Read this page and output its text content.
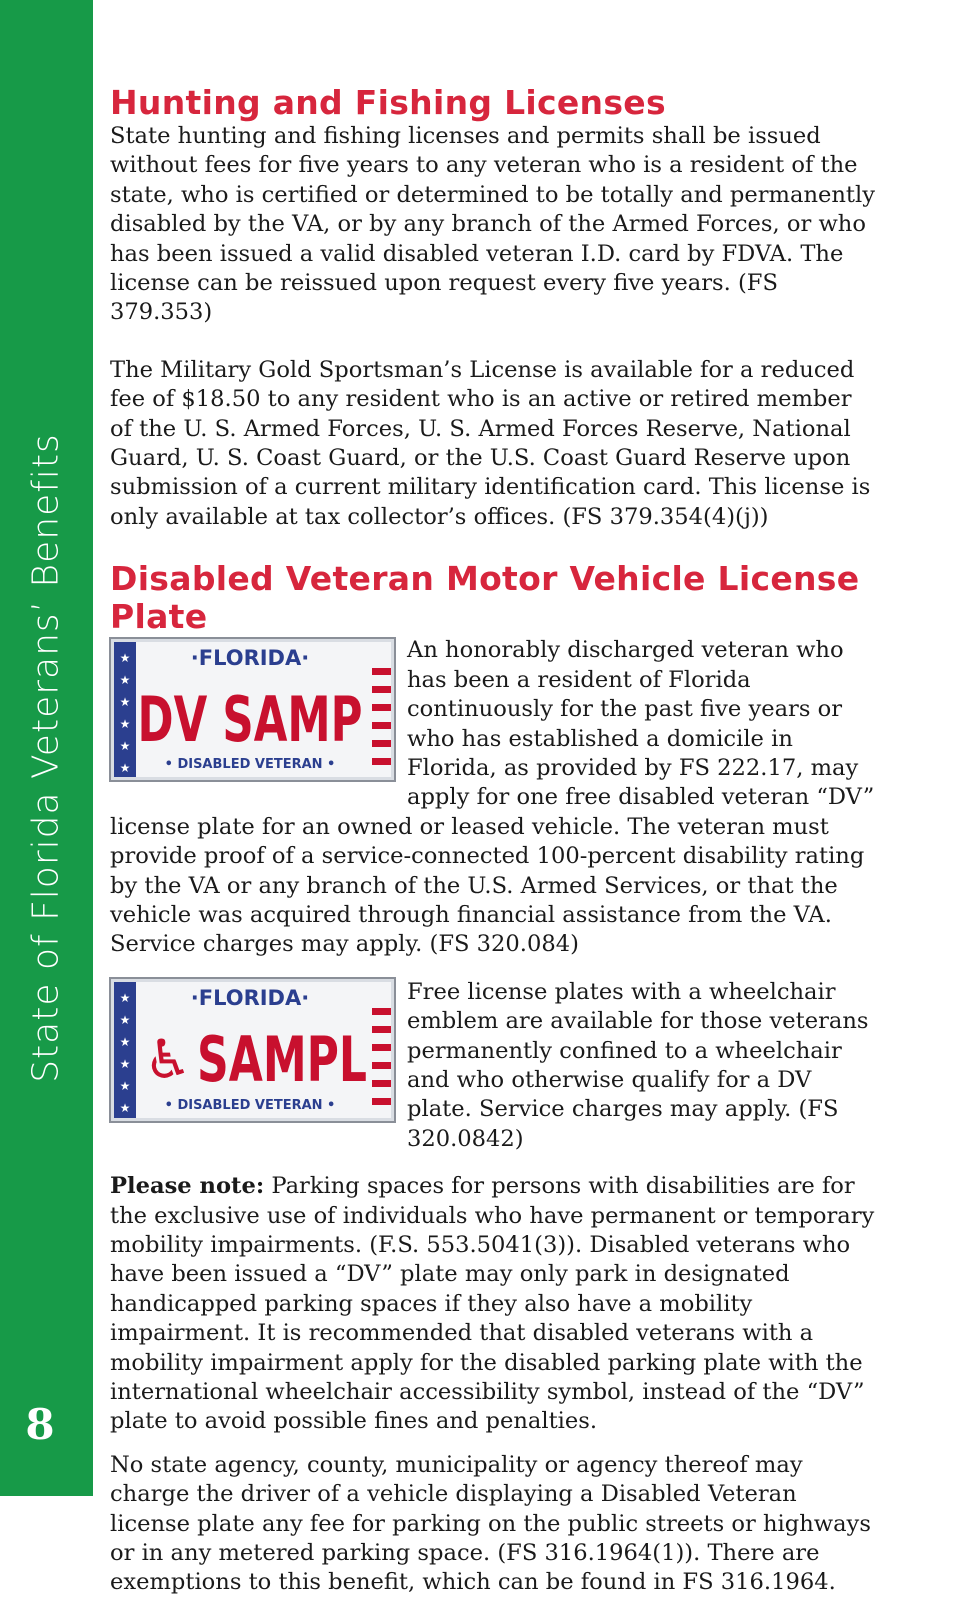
State of Florida Veterans’ Benefits
8
Hunting and Fishing Licenses

State hunting and fishing licenses and permits shall be issued without fees for five years to any veteran who is a resident of the state, who is certified or determined to be totally and permanently disabled by the VA, or by any branch of the Armed Forces, or who has been issued a valid disabled veteran I.D. card by FDVA. The license can be reissued upon request every five years. (FS 379.353)

The Military Gold Sportsman’s License is available for a reduced fee of $18.50 to any resident who is an active or retired member of the U. S. Armed Forces, U. S. Armed Forces Reserve, National Guard, U. S. Coast Guard, or the U.S. Coast Guard Reserve upon submission of a current military identification card. This license is only available at tax collector’s offices. (FS 379.354(4)(j))

Disabled Veteran Motor Vehicle License Plate
★
★
★
★
★
★
·FLORIDA·
DV SAMP
• DISABLED VETERAN •

An honorably discharged veteran who has been a resident of Florida continuously for the past five years or who has established a domicile in Florida, as provided by FS 222.17, may apply for one free disabled veteran “DV” license plate for an owned or leased vehicle. The veteran must provide proof of a service-connected 100-percent disability rating by the VA or any branch of the U.S. Armed Services, or that the vehicle was acquired through financial assistance from the VA. Service charges may apply. (FS 320.084)

★
★
★
★
★
★
·FLORIDA·
♿ SAMPL
• DISABLED VETERAN •

Free license plates with a wheelchair emblem are available for those veterans permanently confined to a wheelchair and who otherwise qualify for a DV plate. Service charges may apply. (FS 320.0842)

Please note: Parking spaces for persons with disabilities are for the exclusive use of individuals who have permanent or temporary mobility impairments. (F.S. 553.5041(3)). Disabled veterans who have been issued a “DV” plate may only park in designated handicapped parking spaces if they also have a mobility impairment. It is recommended that disabled veterans with a mobility impairment apply for the disabled parking plate with the international wheelchair accessibility symbol, instead of the “DV” plate to avoid possible fines and penalties.

No state agency, county, municipality or agency thereof may charge the driver of a vehicle displaying a Disabled Veteran license plate any fee for parking on the public streets or highways or in any metered parking space. (FS 316.1964(1)). There are exemptions to this benefit, which can be found in FS 316.1964.
